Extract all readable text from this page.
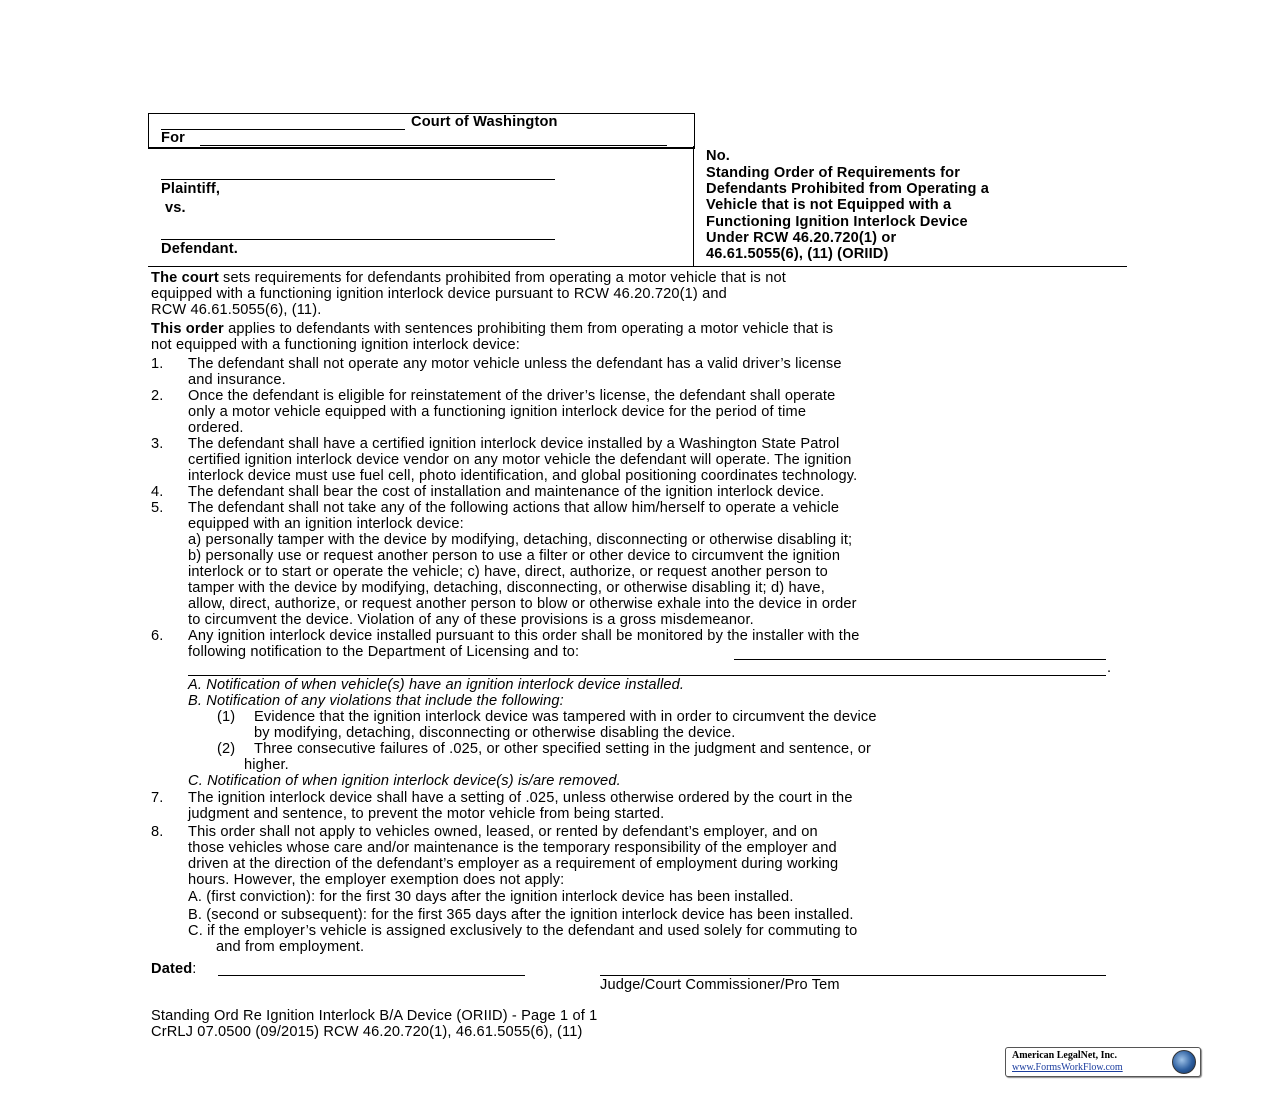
Court of Washington
For
Plaintiff,
vs.
Defendant.
No.
Standing Order of Requirements for
Defendants Prohibited from Operating a
Vehicle that is not Equipped with a
Functioning Ignition Interlock Device
Under RCW 46.20.720(1) or
46.61.5055(6), (11) (ORIID)
The court sets requirements for defendants prohibited from operating a motor vehicle that is not
equipped with a functioning ignition interlock device pursuant to RCW 46.20.720(1) and
RCW 46.61.5055(6), (11).
This order applies to defendants with sentences prohibiting them from operating a motor vehicle that is
not equipped with a functioning ignition interlock device:
1. The defendant shall not operate any motor vehicle unless the defendant has a valid driver’s license
and insurance.
2. Once the defendant is eligible for reinstatement of the driver’s license, the defendant shall operate
only a motor vehicle equipped with a functioning ignition interlock device for the period of time
ordered.
3. The defendant shall have a certified ignition interlock device installed by a Washington State Patrol
certified ignition interlock device vendor on any motor vehicle the defendant will operate. The ignition
interlock device must use fuel cell, photo identification, and global positioning coordinates technology.
4. The defendant shall bear the cost of installation and maintenance of the ignition interlock device.
5. The defendant shall not take any of the following actions that allow him/herself to operate a vehicle
equipped with an ignition interlock device:
a) personally tamper with the device by modifying, detaching, disconnecting or otherwise disabling it;
b) personally use or request another person to use a filter or other device to circumvent the ignition
interlock or to start or operate the vehicle; c) have, direct, authorize, or request another person to
tamper with the device by modifying, detaching, disconnecting, or otherwise disabling it; d) have,
allow, direct, authorize, or request another person to blow or otherwise exhale into the device in order
to circumvent the device. Violation of any of these provisions is a gross misdemeanor.
6. Any ignition interlock device installed pursuant to this order shall be monitored by the installer with the
following notification to the Department of Licensing and to:
.
A. Notification of when vehicle(s) have an ignition interlock device installed.
B. Notification of any violations that include the following:
(1) Evidence that the ignition interlock device was tampered with in order to circumvent the device
by modifying, detaching, disconnecting or otherwise disabling the device.
(2) Three consecutive failures of .025, or other specified setting in the judgment and sentence, or
higher.
C. Notification of when ignition interlock device(s) is/are removed.
7. The ignition interlock device shall have a setting of .025, unless otherwise ordered by the court in the
judgment and sentence, to prevent the motor vehicle from being started.
8. This order shall not apply to vehicles owned, leased, or rented by defendant’s employer, and on
those vehicles whose care and/or maintenance is the temporary responsibility of the employer and
driven at the direction of the defendant’s employer as a requirement of employment during working
hours. However, the employer exemption does not apply:
A. (first conviction): for the first 30 days after the ignition interlock device has been installed.
B. (second or subsequent): for the first 365 days after the ignition interlock device has been installed.
C. if the employer’s vehicle is assigned exclusively to the defendant and used solely for commuting to
and from employment.
Dated:
Judge/Court Commissioner/Pro Tem
Standing Ord Re Ignition Interlock B/A Device (ORIID) - Page 1 of 1
CrRLJ 07.0500 (09/2015) RCW 46.20.720(1), 46.61.5055(6), (11)
American LegalNet, Inc.
www.FormsWorkFlow.com
